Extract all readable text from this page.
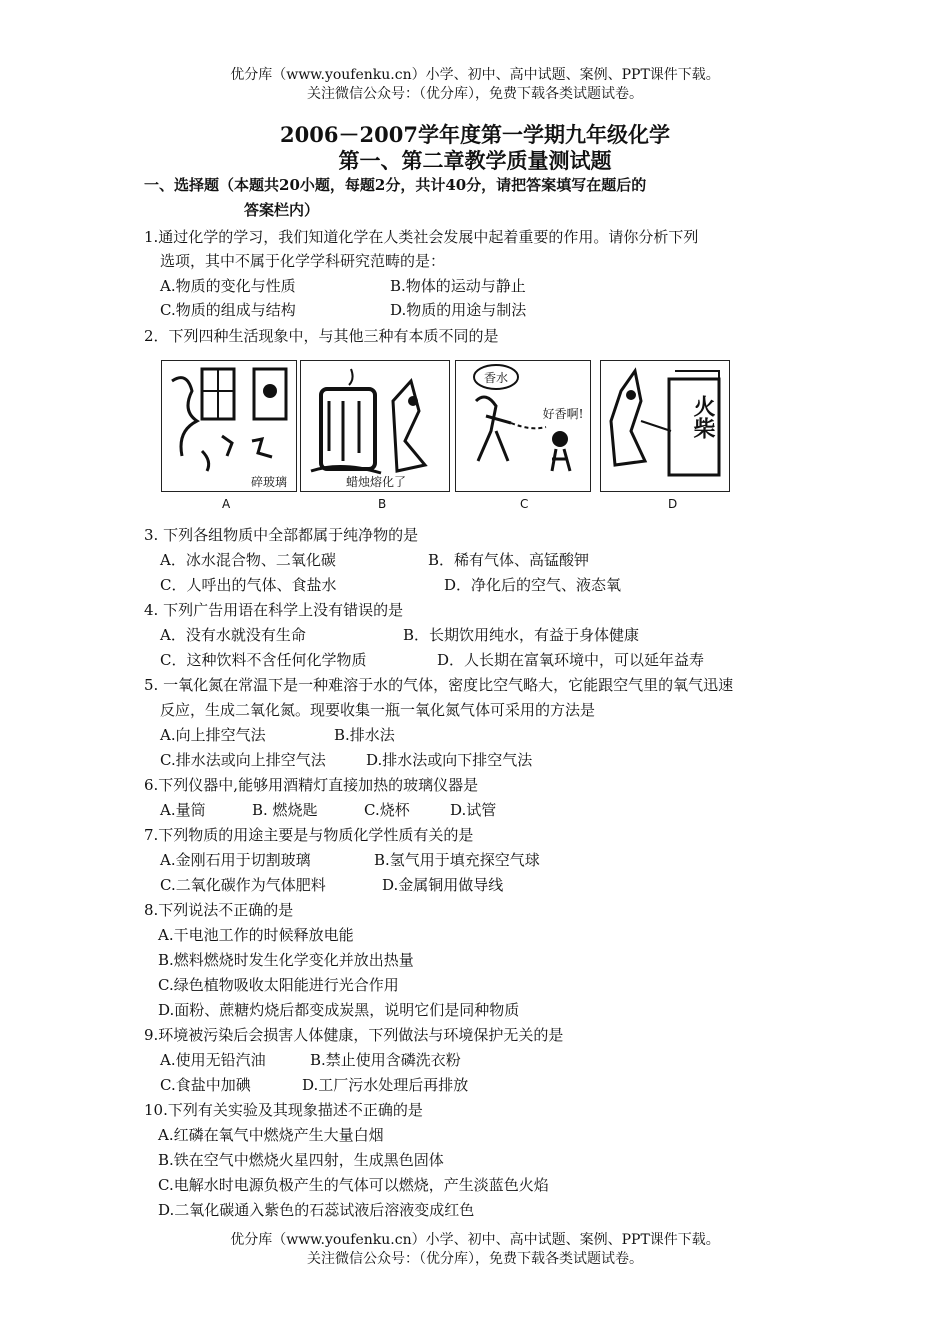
优分库（www.youfenku.cn）小学、初中、高中试题、案例、PPT课件下载。
关注微信公众号：（优分库），免费下载各类试题试卷。
2006－2007学年度第一学期九年级化学
第一、第二章教学质量测试题
一、选择题（本题共20小题，每题2分，共计40分，请把答案填写在题后的
答案栏内）
1.通过化学的学习，我们知道化学在人类社会发展中起着重要的作用。请你分析下列
选项，其中不属于化学学科研究范畴的是：
A.物质的变化与性质	B.物体的运动与静止
C.物质的组成与结构	D.物质的用途与制法
2．下列四种生活现象中，与其他三种有本质不同的是
碎玻璃
A
蜡烛熔化了
B
香水
好香啊!
C
火柴
D
3. 下列各组物质中全部都属于纯净物的是
A．冰水混合物、二氧化碳	B．稀有气体、高锰酸钾
C．人呼出的气体、食盐水	D．净化后的空气、液态氧
4. 下列广告用语在科学上没有错误的是
A．没有水就没有生命	B．长期饮用纯水，有益于身体健康
C．这种饮料不含任何化学物质	D．人长期在富氧环境中，可以延年益寿
5. 一氧化氮在常温下是一种难溶于水的气体，密度比空气略大，它能跟空气里的氧气迅速
反应，生成二氧化氮。现要收集一瓶一氧化氮气体可采用的方法是
A.向上排空气法	B.排水法
C.排水法或向上排空气法	D.排水法或向下排空气法
6.下列仪器中,能够用酒精灯直接加热的玻璃仪器是
A.量筒	B. 燃烧匙	C.烧杯	D.试管
7.下列物质的用途主要是与物质化学性质有关的是
A.金刚石用于切割玻璃	B.氢气用于填充探空气球
C.二氧化碳作为气体肥料	D.金属铜用做导线
8.下列说法不正确的是
A.干电池工作的时候释放电能
B.燃料燃烧时发生化学变化并放出热量
C.绿色植物吸收太阳能进行光合作用
D.面粉、蔗糖灼烧后都变成炭黑，说明它们是同种物质
9.环境被污染后会损害人体健康，下列做法与环境保护无关的是
A.使用无铅汽油	B.禁止使用含磷洗衣粉
C.食盐中加碘	D.工厂污水处理后再排放
10.下列有关实验及其现象描述不正确的是
A.红磷在氧气中燃烧产生大量白烟
B.铁在空气中燃烧火星四射，生成黑色固体
C.电解水时电源负极产生的气体可以燃烧，产生淡蓝色火焰
D.二氧化碳通入紫色的石蕊试液后溶液变成红色
优分库（www.youfenku.cn）小学、初中、高中试题、案例、PPT课件下载。
关注微信公众号：（优分库），免费下载各类试题试卷。
